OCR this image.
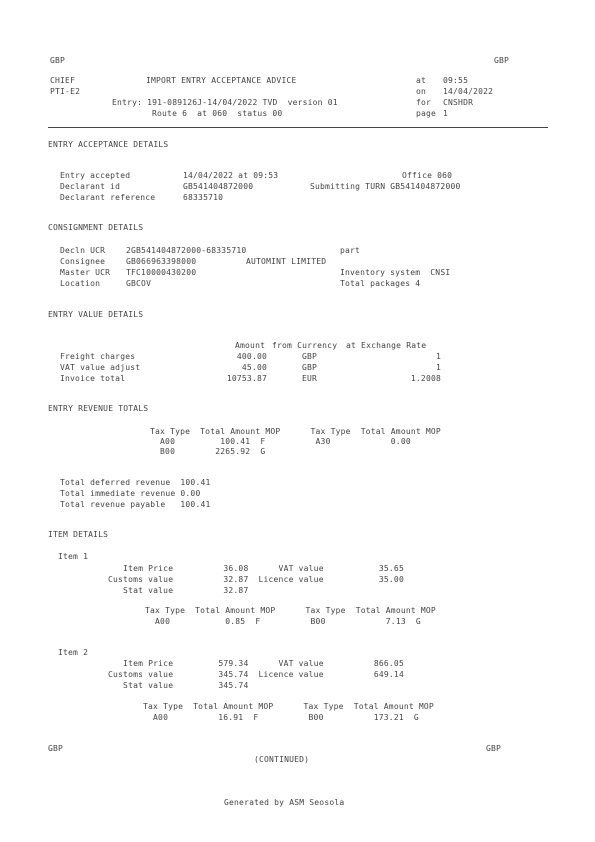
GBP	GBP
CHIEF
PTI-E2
IMPORT ENTRY ACCEPTANCE ADVICE
Entry: 191-089126J-14/04/2022 TVD  version 01
Route 6  at 060  status 00
at 09:55
on 14/04/2022
for CNSHDR
page 1
ENTRY ACCEPTANCE DETAILS
Entry accepted	14/04/2022 at 09:53	Office 060
Declarant id	GB541404872000	Submitting TURN GB541404872000
Declarant reference	68335710
CONSIGNMENT DETAILS
Decln UCR	2GB541404872000-68335710	part
Consignee	GB066963398000	AUTOMINT LIMITED
Master UCR TFC10000430200	Inventory system  CNSI
Location	GBCOV	Total packages 4
ENTRY VALUE DETAILS
Amount from Currency at Exchange Rate
Freight charges	400.00	GBP	1
VAT value adjust	45.00	GBP	1
Invoice total	10753.87	EUR	1.2008
ENTRY REVENUE TOTALS
Tax Type  Total Amount MOP      Tax Type  Total Amount MOP
A00         100.41  F          A30            0.00
B00        2265.92  G
Total deferred revenue  100.41
Total immediate revenue 0.00
Total revenue payable   100.41
ITEM DETAILS
Item 1
Item Price          36.08      VAT value           35.65
Customs value          32.87  Licence value           35.00
Stat value          32.87
Tax Type  Total Amount MOP      Tax Type  Total Amount MOP
A00           0.85  F          B00            7.13  G
Item 2
Item Price         579.34      VAT value          866.05
Customs value         345.74  Licence value          649.14
Stat value         345.74
Tax Type  Total Amount MOP      Tax Type  Total Amount MOP
A00          16.91  F          B00          173.21  G
GBP	GBP
(CONTINUED)
Generated by ASM Seosola
